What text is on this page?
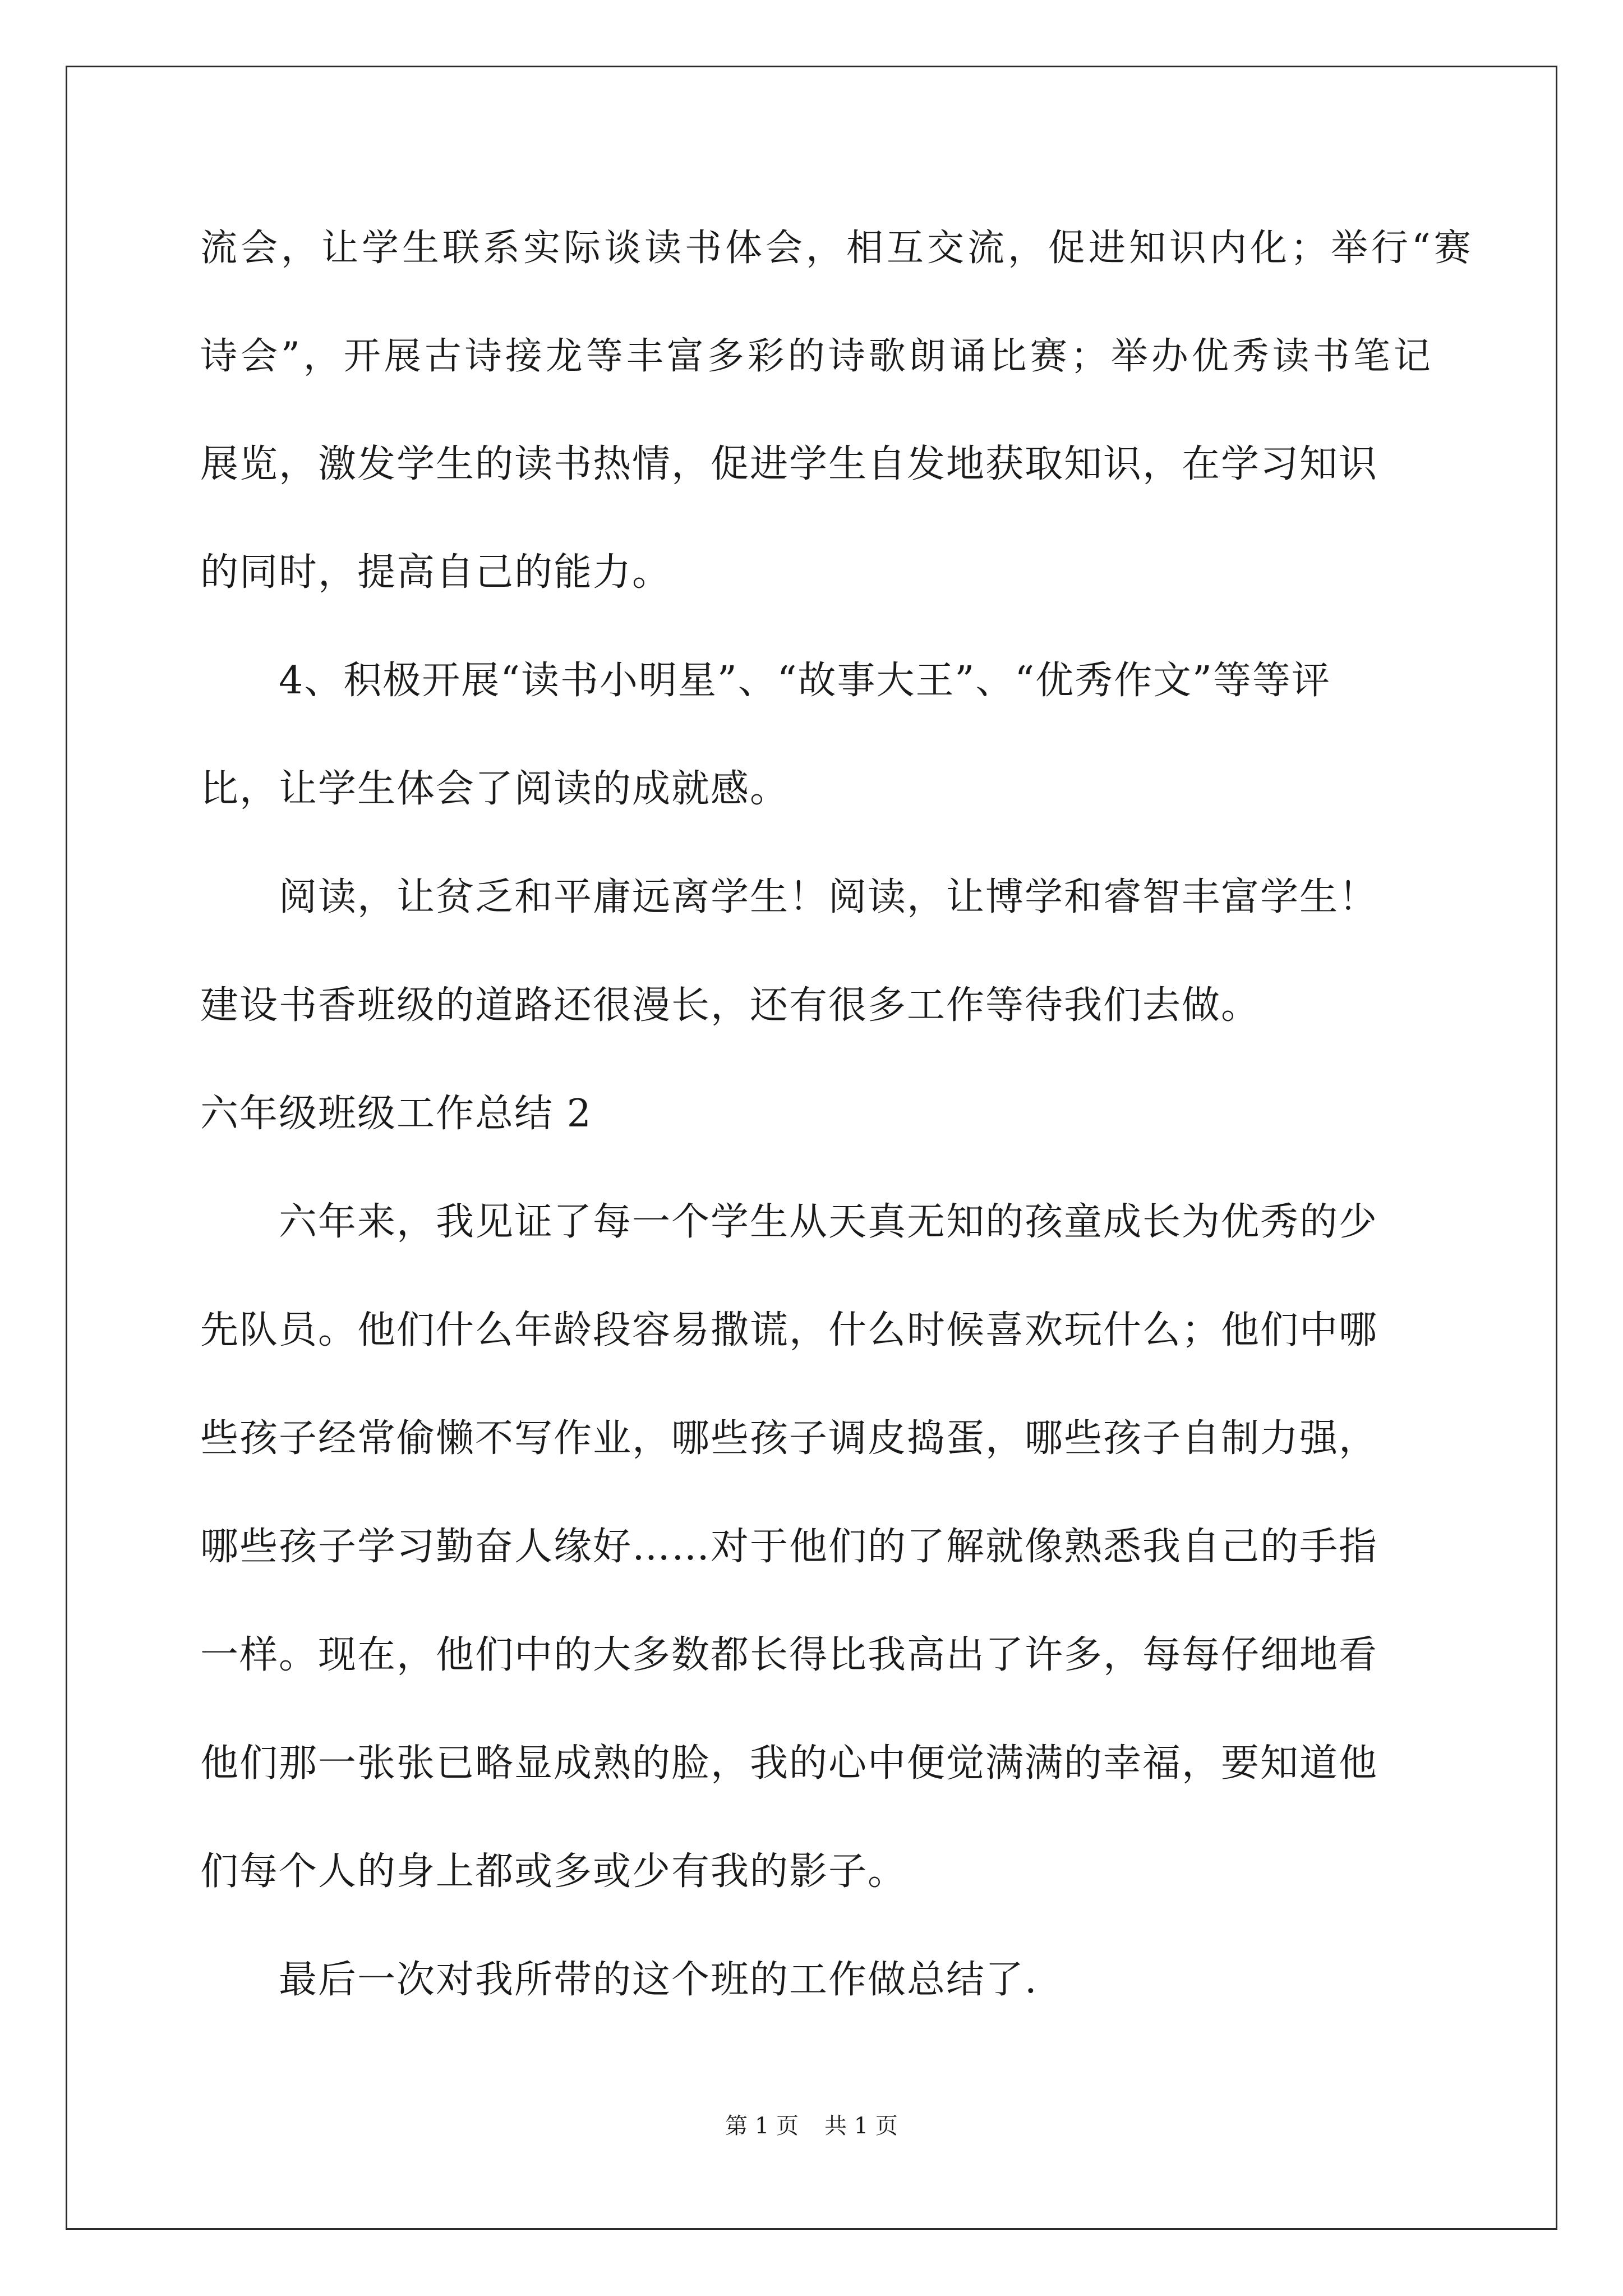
流会，让学生联系实际谈读书体会，相互交流，促进知识内化；举行“赛
诗会”，开展古诗接龙等丰富多彩的诗歌朗诵比赛；举办优秀读书笔记
展览，激发学生的读书热情，促进学生自发地获取知识，在学习知识
的同时，提高自己的能力。
　　4、积极开展“读书小明星”、“故事大王”、“优秀作文”等等评
比，让学生体会了阅读的成就感。
　　阅读，让贫乏和平庸远离学生！阅读，让博学和睿智丰富学生！
建设书香班级的道路还很漫长，还有很多工作等待我们去做。
六年级班级工作总结 2
　　六年来，我见证了每一个学生从天真无知的孩童成长为优秀的少
先队员。他们什么年龄段容易撒谎，什么时候喜欢玩什么；他们中哪
些孩子经常偷懒不写作业，哪些孩子调皮捣蛋，哪些孩子自制力强，
哪些孩子学习勤奋人缘好……对于他们的了解就像熟悉我自己的手指
一样。现在，他们中的大多数都长得比我高出了许多，每每仔细地看
他们那一张张已略显成熟的脸，我的心中便觉满满的幸福，要知道他
们每个人的身上都或多或少有我的影子。
　　最后一次对我所带的这个班的工作做总结了.
第 1 页 共 1 页
